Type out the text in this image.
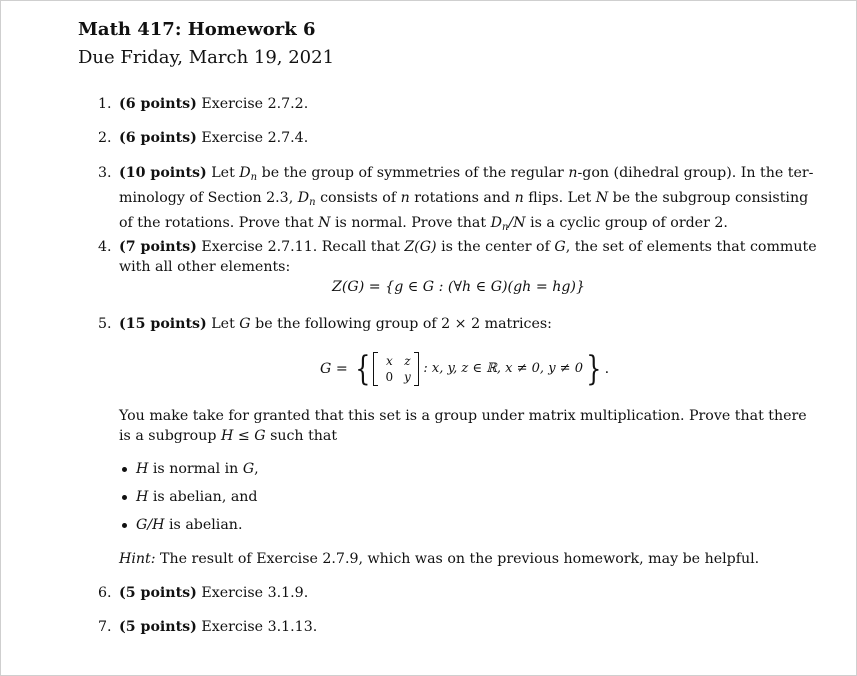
Math 417: Homework 6
Due Friday, March 19, 2021
1. (6 points) Exercise 2.7.2.
2. (6 points) Exercise 2.7.4.
3. (10 points) Let $D_n$ be the group of symmetries of the regular n-gon (dihedral group). In the ter-
minology of Section 2.3, $D_n$ consists of n rotations and n flips. Let N be the subgroup consisting
of the rotations. Prove that N is normal. Prove that $D_n/N$ is a cyclic group of order 2.
4. (7 points) Exercise 2.7.11. Recall that Z(G) is the center of G, the set of elements that commute
with all other elements:
Z(G) = {g ∈ G : (∀h ∈ G)(gh = hg)}
5. (15 points) Let G be the following group of 2 × 2 matrices:
G = {	x z
0 y
: x, y, z ∈ ℝ, x ≠ 0, y ≠ 0 } .
You make take for granted that this set is a group under matrix multiplication. Prove that there
is a subgroup H ≤ G such that
H is normal in G,
H is abelian, and
G/H is abelian.
Hint: The result of Exercise 2.7.9, which was on the previous homework, may be helpful.
6. (5 points) Exercise 3.1.9.
7. (5 points) Exercise 3.1.13.
